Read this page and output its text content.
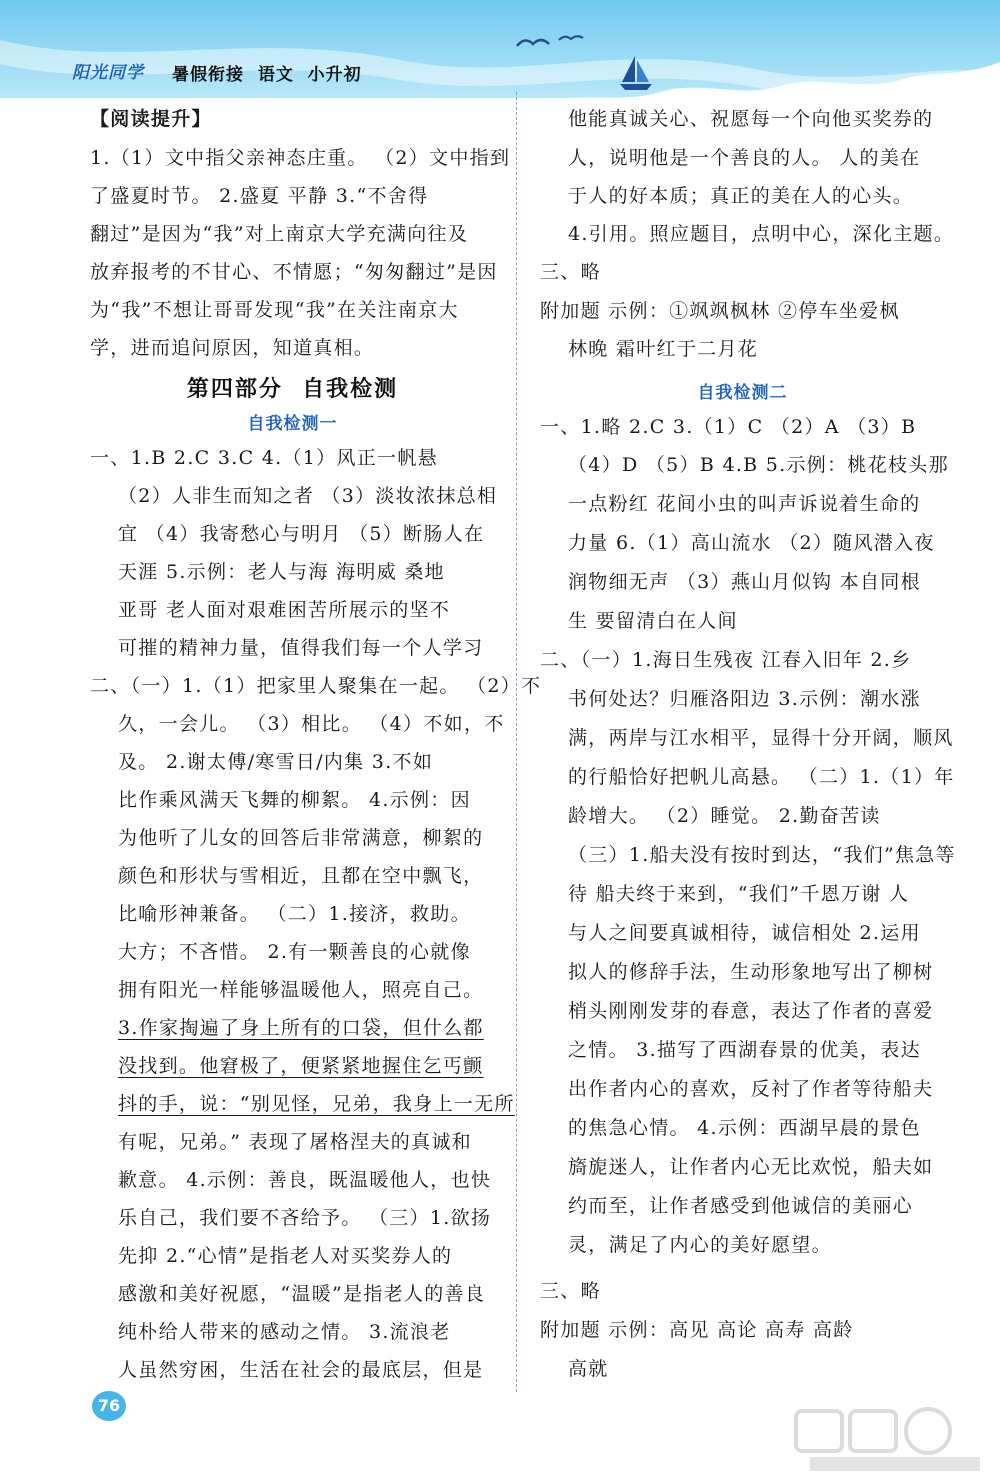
阳光同学 暑假衔接  语文  小升初
【阅读提升】
1.（1）文中指父亲神态庄重。 （2）文中指到
了盛夏时节。 2.盛夏 平静 3.“不舍得
翻过”是因为“我”对上南京大学充满向往及
放弃报考的不甘心、不情愿；“匆匆翻过”是因
为“我”不想让哥哥发现“我”在关注南京大
学，进而追问原因，知道真相。
第四部分  自我检测
自我检测一
一、1.B 2.C 3.C 4.（1）风正一帆悬
（2）人非生而知之者 （3）淡妆浓抹总相
宜 （4）我寄愁心与明月 （5）断肠人在
天涯 5.示例：老人与海 海明威 桑地
亚哥 老人面对艰难困苦所展示的坚不
可摧的精神力量，值得我们每一个人学习
二、（一）1.（1）把家里人聚集在一起。 （2）不
久，一会儿。 （3）相比。 （4）不如，不
及。 2.谢太傅/寒雪日/内集 3.不如
比作乘风满天飞舞的柳絮。 4.示例：因
为他听了儿女的回答后非常满意，柳絮的
颜色和形状与雪相近，且都在空中飘飞，
比喻形神兼备。 （二）1.接济，救助。
大方；不吝惜。 2.有一颗善良的心就像
拥有阳光一样能够温暖他人，照亮自己。
3.作家掏遍了身上所有的口袋，但什么都
没找到。他窘极了，便紧紧地握住乞丐颤
抖的手，说：“别见怪，兄弟，我身上一无所
有呢，兄弟。” 表现了屠格涅夫的真诚和
歉意。 4.示例：善良，既温暖他人，也快
乐自己，我们要不吝给予。 （三）1.欲扬
先抑 2.“心情”是指老人对买奖券人的
感激和美好祝愿，“温暖”是指老人的善良
纯朴给人带来的感动之情。 3.流浪老
人虽然穷困，生活在社会的最底层，但是
他能真诚关心、祝愿每一个向他买奖券的
人，说明他是一个善良的人。 人的美在
于人的好本质；真正的美在人的心头。
4.引用。照应题目，点明中心，深化主题。
三、略
附加题 示例：①飒飒枫林 ②停车坐爱枫
林晚 霜叶红于二月花
自我检测二
一、1.略 2.C 3.（1）C （2）A （3）B
（4）D （5）B 4.B 5.示例：桃花枝头那
一点粉红 花间小虫的叫声诉说着生命的
力量 6.（1）高山流水 （2）随风潜入夜
润物细无声 （3）燕山月似钩 本自同根
生 要留清白在人间
二、（一）1.海日生残夜 江春入旧年 2.乡
书何处达？归雁洛阳边 3.示例：潮水涨
满，两岸与江水相平，显得十分开阔，顺风
的行船恰好把帆儿高悬。 （二）1.（1）年
龄增大。 （2）睡觉。 2.勤奋苦读
（三）1.船夫没有按时到达，“我们”焦急等
待 船夫终于来到，“我们”千恩万谢 人
与人之间要真诚相待，诚信相处 2.运用
拟人的修辞手法，生动形象地写出了柳树
梢头刚刚发芽的春意，表达了作者的喜爱
之情。 3.描写了西湖春景的优美，表达
出作者内心的喜欢，反衬了作者等待船夫
的焦急心情。 4.示例：西湖早晨的景色
旖旎迷人，让作者内心无比欢悦，船夫如
约而至，让作者感受到他诚信的美丽心
灵，满足了内心的美好愿望。
三、略
附加题 示例：高见 高论 高寿 高龄
高就
76
